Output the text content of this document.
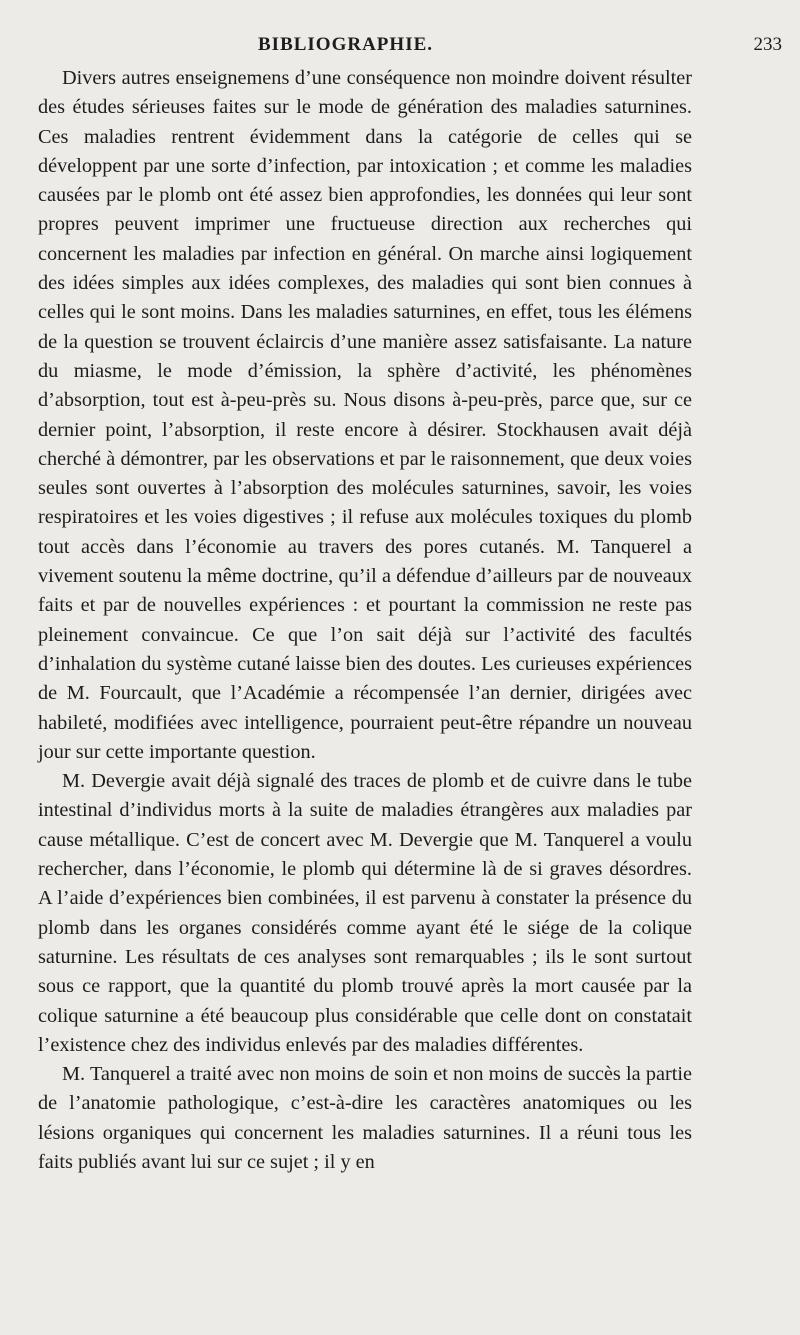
BIBLIOGRAPHIE.	233

Divers autres enseignemens d’une conséquence non moindre doivent résulter des études sérieuses faites sur le mode de génération des maladies saturnines. Ces maladies rentrent évidemment dans la catégorie de celles qui se développent par une sorte d’infection, par intoxication ; et comme les maladies causées par le plomb ont été assez bien approfondies, les données qui leur sont propres peuvent imprimer une fructueuse direction aux recherches qui concernent les maladies par infection en général. On marche ainsi logiquement des idées simples aux idées complexes, des maladies qui sont bien connues à celles qui le sont moins. Dans les maladies saturnines, en effet, tous les élémens de la question se trouvent éclaircis d’une manière assez satisfaisante. La nature du miasme, le mode d’émission, la sphère d’activité, les phénomènes d’absorption, tout est à-peu-près su. Nous disons à-peu-près, parce que, sur ce dernier point, l’absorption, il reste encore à désirer. Stockhausen avait déjà cherché à démontrer, par les observations et par le raisonnement, que deux voies seules sont ouvertes à l’absorption des molécules saturnines, savoir, les voies respiratoires et les voies digestives ; il refuse aux molécules toxiques du plomb tout accès dans l’économie au travers des pores cutanés. M. Tanquerel a vivement soutenu la même doctrine, qu’il a défendue d’ailleurs par de nouveaux faits et par de nouvelles expériences : et pourtant la commission ne reste pas pleinement convaincue. Ce que l’on sait déjà sur l’activité des facultés d’inhalation du système cutané laisse bien des doutes. Les curieuses expériences de M. Fourcault, que l’Académie a récompensée l’an dernier, dirigées avec habileté, modifiées avec intelligence, pourraient peut-être répandre un nouveau jour sur cette importante question.

M. Devergie avait déjà signalé des traces de plomb et de cuivre dans le tube intestinal d’individus morts à la suite de maladies étrangères aux maladies par cause métallique. C’est de concert avec M. Devergie que M. Tanquerel a voulu rechercher, dans l’économie, le plomb qui détermine là de si graves désordres. A l’aide d’expériences bien combinées, il est parvenu à constater la présence du plomb dans les organes considérés comme ayant été le siége de la colique saturnine. Les résultats de ces analyses sont remarquables ; ils le sont surtout sous ce rapport, que la quantité du plomb trouvé après la mort causée par la colique saturnine a été beaucoup plus considérable que celle dont on constatait l’existence chez des individus enlevés par des maladies différentes.

M. Tanquerel a traité avec non moins de soin et non moins de succès la partie de l’anatomie pathologique, c’est-à-dire les caractères anatomiques ou les lésions organiques qui concernent les maladies saturnines. Il a réuni tous les faits publiés avant lui sur ce sujet ; il y en
